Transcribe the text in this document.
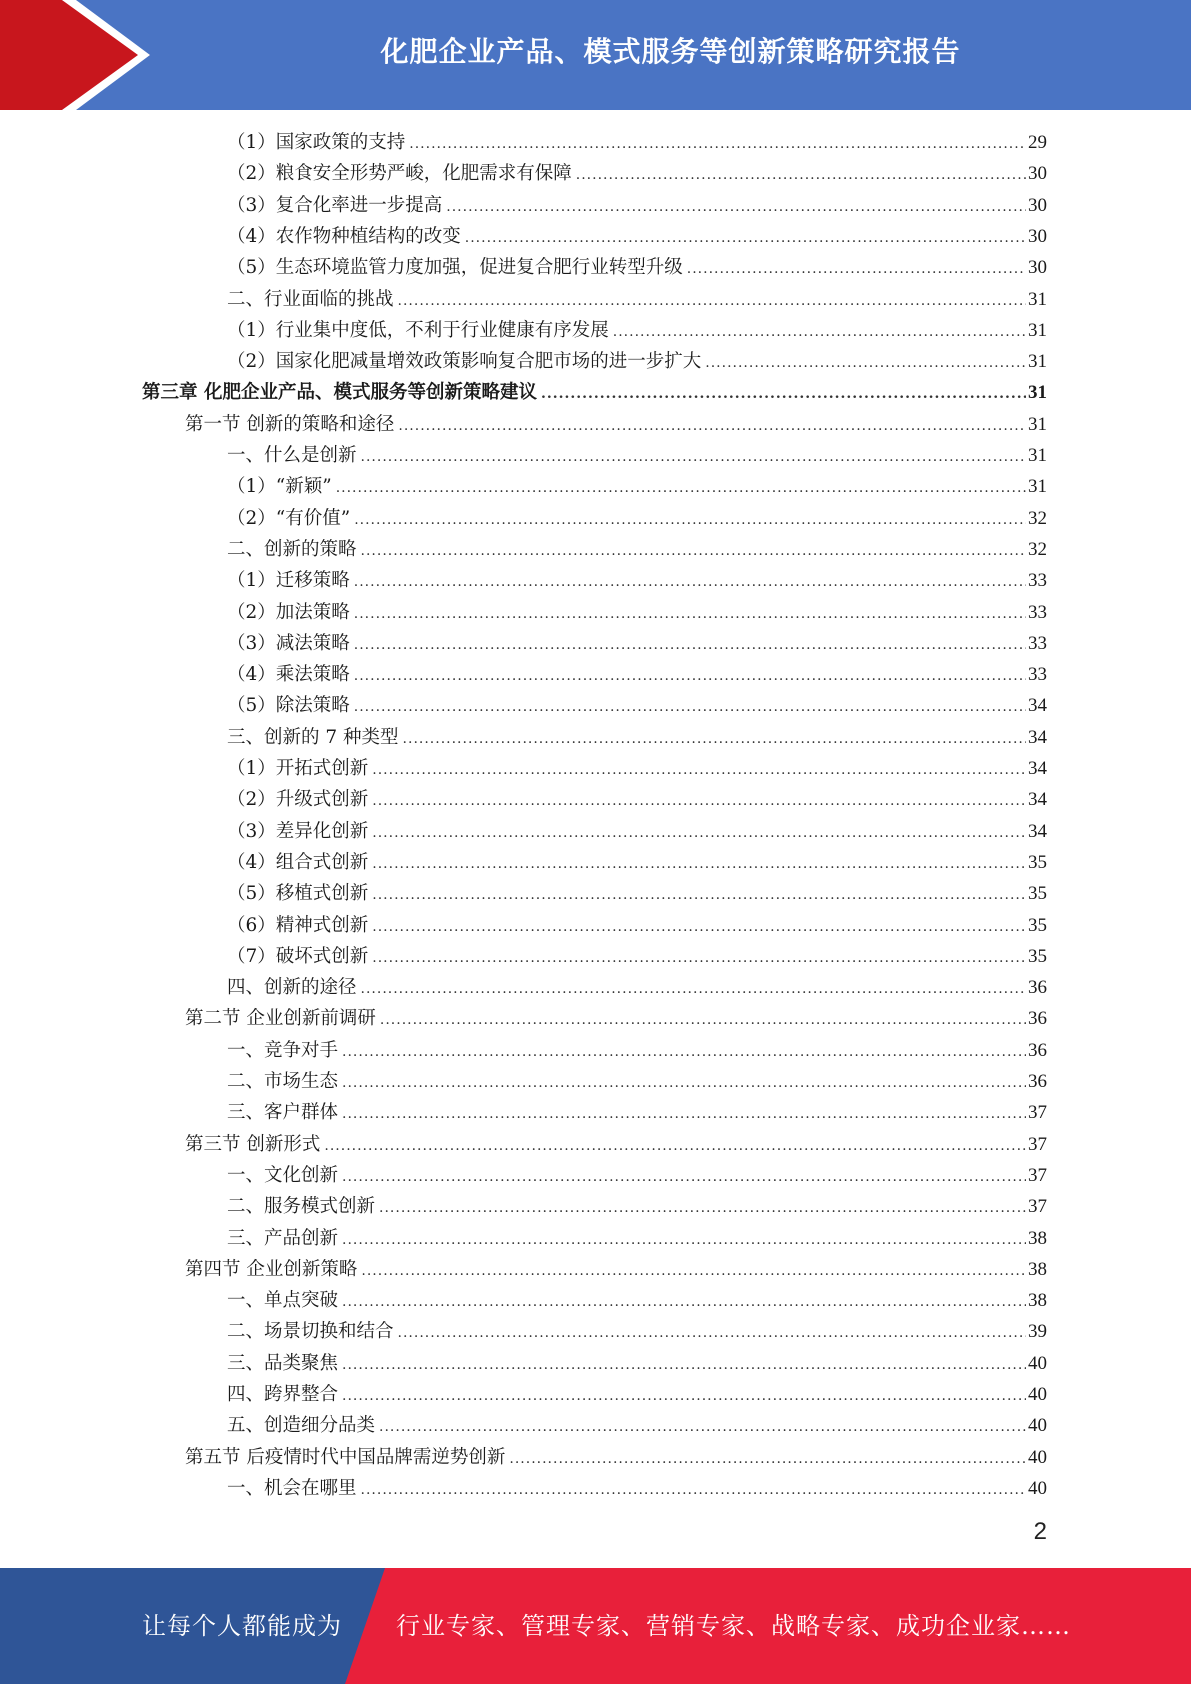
化肥企业产品、模式服务等创新策略研究报告
（1）国家政策的支持 .....	29
（2）粮食安全形势严峻，化肥需求有保障 .....	30
（3）复合化率进一步提高 .....	30
（4）农作物种植结构的改变 .....	30
（5）生态环境监管力度加强，促进复合肥行业转型升级 .....	30
二、行业面临的挑战 .....	31
（1）行业集中度低，不利于行业健康有序发展 .....	31
（2）国家化肥减量增效政策影响复合肥市场的进一步扩大 .....	31
第三章 化肥企业产品、模式服务等创新策略建议 .....	31
第一节 创新的策略和途径 .....	31
一、什么是创新 .....	31
（1）“新颖” .....	31
（2）“有价值” .....	32
二、创新的策略 .....	32
（1）迁移策略 .....	33
（2）加法策略 .....	33
（3）减法策略 .....	33
（4）乘法策略 .....	33
（5）除法策略 .....	34
三、创新的 7 种类型 .....	34
（1）开拓式创新 .....	34
（2）升级式创新 .....	34
（3）差异化创新 .....	34
（4）组合式创新 .....	35
（5）移植式创新 .....	35
（6）精神式创新 .....	35
（7）破坏式创新 .....	35
四、创新的途径 .....	36
第二节 企业创新前调研 .....	36
一、竞争对手 .....	36
二、市场生态 .....	36
三、客户群体 .....	37
第三节 创新形式 .....	37
一、文化创新 .....	37
二、服务模式创新 .....	37
三、产品创新 .....	38
第四节 企业创新策略 .....	38
一、单点突破 .....	38
二、场景切换和结合 .....	39
三、品类聚焦 .....	40
四、跨界整合 .....	40
五、创造细分品类 .....	40
第五节 后疫情时代中国品牌需逆势创新 .....	40
一、机会在哪里 .....	40
2
让每个人都能成为 行业专家、管理专家、营销专家、战略专家、成功企业家……
